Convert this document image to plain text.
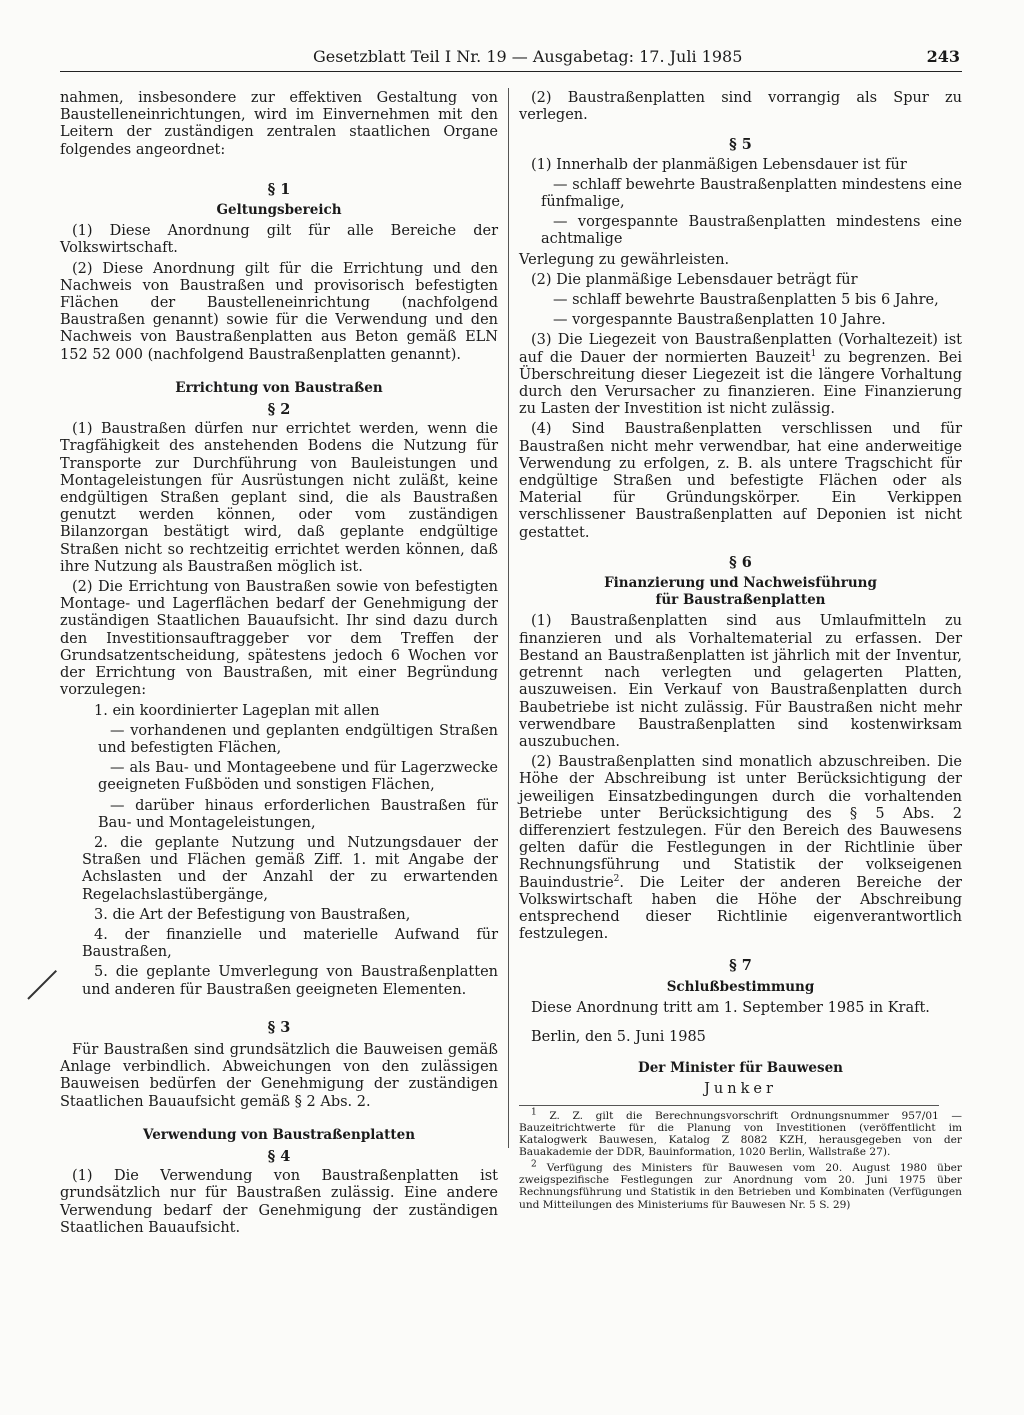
Gesetzblatt Teil I Nr. 19 — Ausgabetag: 17. Juli 1985	243

nahmen, insbesondere zur effektiven Gestaltung von Baustelleneinrichtungen, wird im Einvernehmen mit den Leitern der zuständigen zentralen staatlichen Organe folgendes angeordnet:

§ 1
Geltungsbereich

(1) Diese Anordnung gilt für alle Bereiche der Volkswirtschaft.

(2) Diese Anordnung gilt für die Errichtung und den Nachweis von Baustraßen und provisorisch befestigten Flächen der Baustelleneinrichtung (nachfolgend Baustraßen genannt) sowie für die Verwendung und den Nachweis von Baustraßenplatten aus Beton gemäß ELN 152 52 000 (nachfolgend Baustraßenplatten genannt).

Errichtung von Baustraßen
§ 2

(1) Baustraßen dürfen nur errichtet werden, wenn die Tragfähigkeit des anstehenden Bodens die Nutzung für Transporte zur Durchführung von Bauleistungen und Montageleistungen für Ausrüstungen nicht zuläßt, keine endgültigen Straßen geplant sind, die als Baustraßen genutzt werden können, oder vom zuständigen Bilanzorgan bestätigt wird, daß geplante endgültige Straßen nicht so rechtzeitig errichtet werden können, daß ihre Nutzung als Baustraßen möglich ist.

(2) Die Errichtung von Baustraßen sowie von befestigten Montage- und Lagerflächen bedarf der Genehmigung der zuständigen Staatlichen Bauaufsicht. Ihr sind dazu durch den Investitionsauftraggeber vor dem Treffen der Grundsatzentscheidung, spätestens jedoch 6 Wochen vor der Errichtung von Baustraßen, mit einer Begründung vorzulegen:

1. ein koordinierter Lageplan mit allen

— vorhandenen und geplanten endgültigen Straßen und befestigten Flächen,

— als Bau- und Montageebene und für Lagerzwecke geeigneten Fußböden und sonstigen Flächen,

— darüber hinaus erforderlichen Baustraßen für Bau- und Montageleistungen,

2. die geplante Nutzung und Nutzungsdauer der Straßen und Flächen gemäß Ziff. 1. mit Angabe der Achslasten und der Anzahl der zu erwartenden Regelachslastübergänge,

3. die Art der Befestigung von Baustraßen,

4. der finanzielle und materielle Aufwand für Baustraßen,

5. die geplante Umverlegung von Baustraßenplatten und anderen für Baustraßen geeigneten Elementen.

§ 3

Für Baustraßen sind grundsätzlich die Bauweisen gemäß Anlage verbindlich. Abweichungen von den zulässigen Bauweisen bedürfen der Genehmigung der zuständigen Staatlichen Bauaufsicht gemäß § 2 Abs. 2.

Verwendung von Baustraßenplatten
§ 4

(1) Die Verwendung von Baustraßenplatten ist grundsätzlich nur für Baustraßen zulässig. Eine andere Verwendung bedarf der Genehmigung der zuständigen Staatlichen Bauaufsicht.

(2) Baustraßenplatten sind vorrangig als Spur zu verlegen.

§ 5

(1) Innerhalb der planmäßigen Lebensdauer ist für

— schlaff bewehrte Baustraßenplatten mindestens eine fünfmalige,

— vorgespannte Baustraßenplatten mindestens eine achtmalige

Verlegung zu gewährleisten.

(2) Die planmäßige Lebensdauer beträgt für

— schlaff bewehrte Baustraßenplatten 5 bis 6 Jahre,

— vorgespannte Baustraßenplatten 10 Jahre.

(3) Die Liegezeit von Baustraßenplatten (Vorhaltezeit) ist auf die Dauer der normierten Bauzeit$^1$ zu begrenzen. Bei Überschreitung dieser Liegezeit ist die längere Vorhaltung durch den Verursacher zu finanzieren. Eine Finanzierung zu Lasten der Investition ist nicht zulässig.

(4) Sind Baustraßenplatten verschlissen und für Baustraßen nicht mehr verwendbar, hat eine anderweitige Verwendung zu erfolgen, z. B. als untere Tragschicht für endgültige Straßen und befestigte Flächen oder als Material für Gründungskörper. Ein Verkippen verschlissener Baustraßenplatten auf Deponien ist nicht gestattet.

§ 6
Finanzierung und Nachweisführung
für Baustraßenplatten

(1) Baustraßenplatten sind aus Umlaufmitteln zu finanzieren und als Vorhaltematerial zu erfassen. Der Bestand an Baustraßenplatten ist jährlich mit der Inventur, getrennt nach verlegten und gelagerten Platten, auszuweisen. Ein Verkauf von Baustraßenplatten durch Baubetriebe ist nicht zulässig. Für Baustraßen nicht mehr verwendbare Baustraßenplatten sind kostenwirksam auszubuchen.

(2) Baustraßenplatten sind monatlich abzuschreiben. Die Höhe der Abschreibung ist unter Berücksichtigung der jeweiligen Einsatzbedingungen durch die vorhaltenden Betriebe unter Berücksichtigung des § 5 Abs. 2 differenziert festzulegen. Für den Bereich des Bauwesens gelten dafür die Festlegungen in der Richtlinie über Rechnungsführung und Statistik der volkseigenen Bauindustrie$^2$. Die Leiter der anderen Bereiche der Volkswirtschaft haben die Höhe der Abschreibung entsprechend dieser Richtlinie eigenverantwortlich festzulegen.

§ 7
Schlußbestimmung

Diese Anordnung tritt am 1. September 1985 in Kraft.

Berlin, den 5. Juni 1985

Der Minister für Bauwesen
Junker

$^1$ Z. Z. gilt die Berechnungsvorschrift Ordnungsnummer 957/01 — Bauzeitrichtwerte für die Planung von Investitionen (veröffentlicht im Katalogwerk Bauwesen, Katalog Z 8082 KZH, herausgegeben von der Bauakademie der DDR, Bauinformation, 1020 Berlin, Wallstraße 27).

$^2$ Verfügung des Ministers für Bauwesen vom 20. August 1980 über zweigspezifische Festlegungen zur Anordnung vom 20. Juni 1975 über Rechnungsführung und Statistik in den Betrieben und Kombinaten (Verfügungen und Mitteilungen des Ministeriums für Bauwesen Nr. 5 S. 29)
